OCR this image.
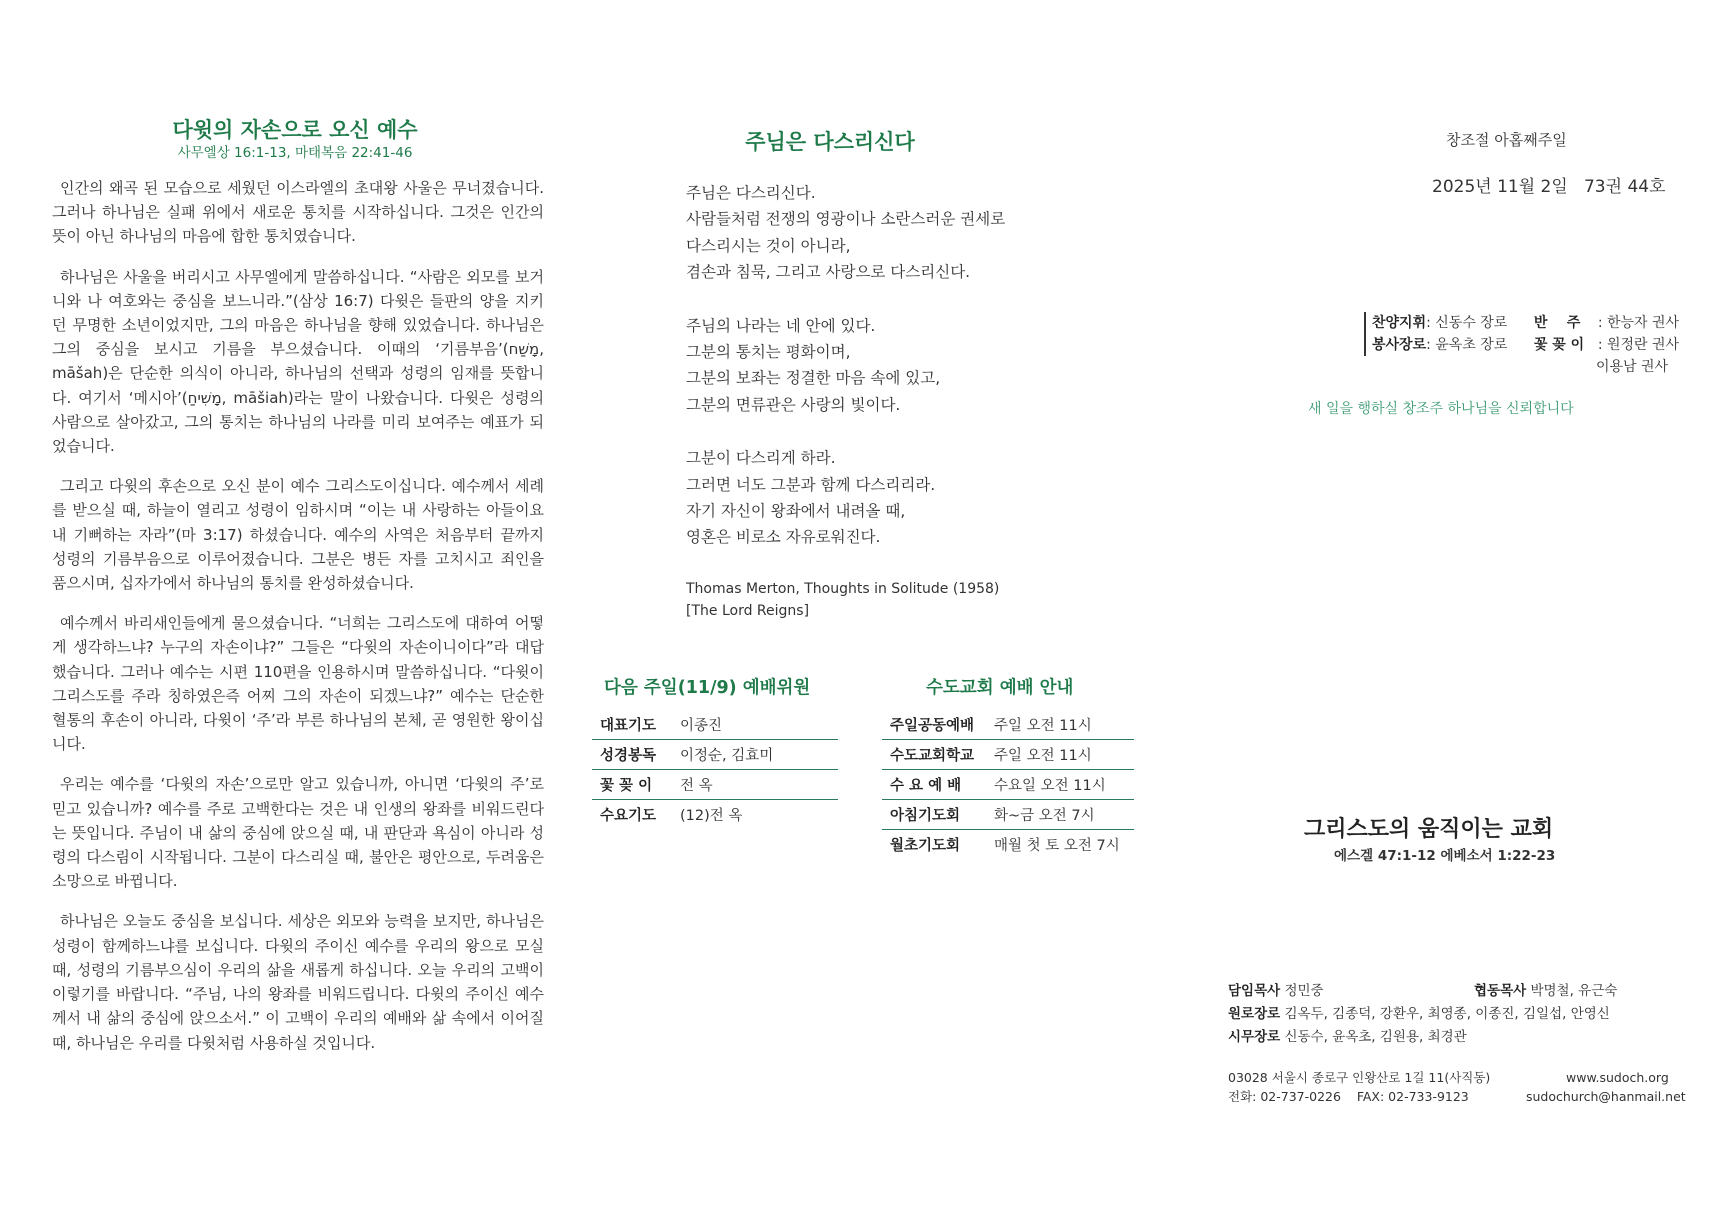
다윗의 자손으로 오신 예수
사무엘상 16:1-13, 마태복음 22:41-46

인간의 왜곡 된 모습으로 세웠던 이스라엘의 초대왕 사울은 무너졌습니다. 그러나 하나님은 실패 위에서 새로운 통치를 시작하십니다. 그것은 인간의 뜻이 아닌 하나님의 마음에 합한 통치였습니다.

하나님은 사울을 버리시고 사무엘에게 말씀하십니다. “사람은 외모를 보거니와 나 여호와는 중심을 보느니라.”(삼상 16:7) 다윗은 들판의 양을 지키던 무명한 소년이었지만, 그의 마음은 하나님을 향해 있었습니다. 하나님은 그의 중심을 보시고 기름을 부으셨습니다. 이때의 ‘기름부음’(מָשַׁח, māšah)은 단순한 의식이 아니라, 하나님의 선택과 성령의 임재를 뜻합니다. 여기서 ‘메시아’(מָשִׁיחַ, māšiah)라는 말이 나왔습니다. 다윗은 성령의 사람으로 살아갔고, 그의 통치는 하나님의 나라를 미리 보여주는 예표가 되었습니다.

그리고 다윗의 후손으로 오신 분이 예수 그리스도이십니다. 예수께서 세례를 받으실 때, 하늘이 열리고 성령이 임하시며 “이는 내 사랑하는 아들이요 내 기뻐하는 자라”(마 3:17) 하셨습니다. 예수의 사역은 처음부터 끝까지 성령의 기름부음으로 이루어졌습니다. 그분은 병든 자를 고치시고 죄인을 품으시며, 십자가에서 하나님의 통치를 완성하셨습니다.

예수께서 바리새인들에게 물으셨습니다. “너희는 그리스도에 대하여 어떻게 생각하느냐? 누구의 자손이냐?” 그들은 “다윗의 자손이니이다”라 대답했습니다. 그러나 예수는 시편 110편을 인용하시며 말씀하십니다. “다윗이 그리스도를 주라 칭하였은즉 어찌 그의 자손이 되겠느냐?” 예수는 단순한 혈통의 후손이 아니라, 다윗이 ‘주’라 부른 하나님의 본체, 곧 영원한 왕이십니다.

우리는 예수를 ‘다윗의 자손’으로만 알고 있습니까, 아니면 ‘다윗의 주’로 믿고 있습니까? 예수를 주로 고백한다는 것은 내 인생의 왕좌를 비워드린다는 뜻입니다. 주님이 내 삶의 중심에 앉으실 때, 내 판단과 욕심이 아니라 성령의 다스림이 시작됩니다. 그분이 다스리실 때, 불안은 평안으로, 두려움은 소망으로 바뀝니다.

하나님은 오늘도 중심을 보십니다. 세상은 외모와 능력을 보지만, 하나님은 성령이 함께하느냐를 보십니다. 다윗의 주이신 예수를 우리의 왕으로 모실 때, 성령의 기름부으심이 우리의 삶을 새롭게 하십니다. 오늘 우리의 고백이 이렇기를 바랍니다. “주님, 나의 왕좌를 비워드립니다. 다윗의 주이신 예수께서 내 삶의 중심에 앉으소서.” 이 고백이 우리의 예배와 삶 속에서 이어질 때, 하나님은 우리를 다윗처럼 사용하실 것입니다.

주님은 다스리신다
주님은 다스리신다.
사람들처럼 전쟁의 영광이나 소란스러운 권세로
다스리시는 것이 아니라,
겸손과 침묵, 그리고 사랑으로 다스리신다.
주님의 나라는 네 안에 있다.
그분의 통치는 평화이며,
그분의 보좌는 정결한 마음 속에 있고,
그분의 면류관은 사랑의 빛이다.
그분이 다스리게 하라.
그러면 너도 그분과 함께 다스리리라.
자기 자신이 왕좌에서 내려올 때,
영혼은 비로소 자유로워진다.
Thomas Merton, Thoughts in Solitude (1958)
[The Lord Reigns]
다음 주일(11/9) 예배위원
대표기도	이종진
성경봉독	이정순, 김효미
꽃 꽂 이	전 옥
수요기도	(12)전 옥
수도교회 예배 안내
주일공동예배	주일 오전 11시
수도교회학교	주일 오전 11시
수 요 예 배	수요일 오전 11시
아침기도회	화~금 오전 7시
월초기도회	매월 첫 토 오전 7시
창조절 아홉째주일
2025년 11월 2일   73권 44호
찬양지휘: 신동수 장로 반    주 : 한능자 권사
봉사장로: 윤옥초 장로 꽃 꽂 이 : 원정란 권사
이용남 권사
새 일을 행하실 창조주 하나님을 신뢰합니다
그리스도의 움직이는 교회
에스겔 47:1-12 에베소서 1:22-23
담임목사 정민중	협동목사 박명철, 유근숙
원로장로 김옥두, 김종덕, 강환우, 최영종, 이종진, 김일섭, 안영신
시무장로 신동수, 윤옥초, 김원용, 최경관
03028 서울시 종로구 인왕산로 1길 11(사직동)	www.sudoch.org
전화: 02-737-0226    FAX: 02-733-9123	sudochurch@hanmail.net
